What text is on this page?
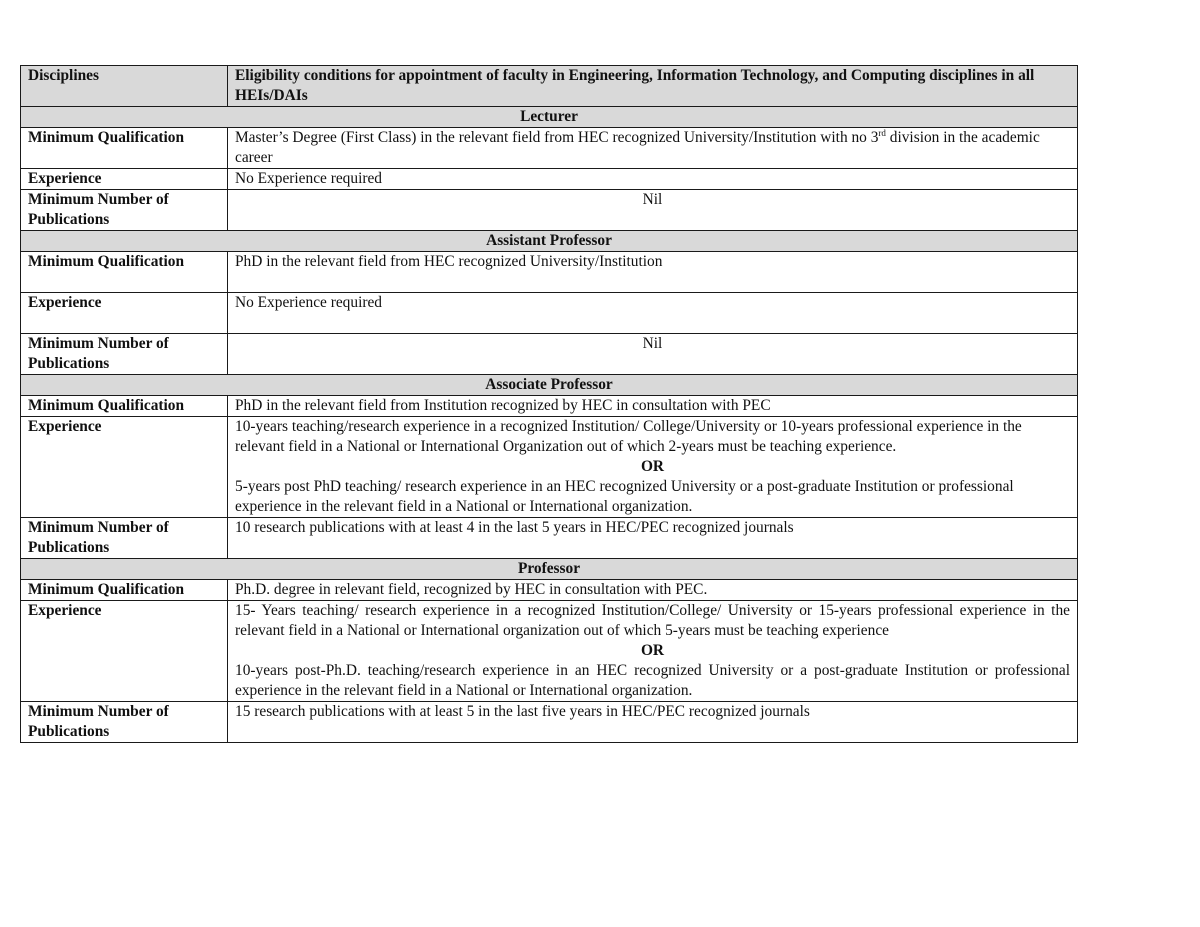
Disciplines	Eligibility conditions for appointment of faculty in Engineering, Information Technology, and Computing disciplines in all HEIs/DAIs
Lecturer	
Minimum Qualification	Master’s Degree (First Class) in the relevant field from HEC recognized University/Institution with no 3rd division in the academic career
Experience	No Experience required
Minimum Number of Publications	Nil
Assistant Professor	
Minimum Qualification	PhD in the relevant field from HEC recognized University/Institution
Experience	No Experience required
Minimum Number of Publications	Nil
Associate Professor	
Minimum Qualification	PhD in the relevant field from Institution recognized by HEC in consultation with PEC
Experience	10-years teaching/research experience in a recognized Institution/ College/University or 10-years professional experience in the relevant field in a National or International Organization out of which 2-years must be teaching experience.
OR
5-years post PhD teaching/ research experience in an HEC recognized University or a post-graduate Institution or professional experience in the relevant field in a National or International organization.

Minimum Number of Publications	10 research publications with at least 4 in the last 5 years in HEC/PEC recognized journals
Professor	
Minimum Qualification	Ph.D. degree in relevant field, recognized by HEC in consultation with PEC.
Experience	15- Years teaching/ research experience in a recognized Institution/College/ University or 15-years professional experience in the relevant field in a National or International organization out of which 5-years must be teaching experience
OR
10-years post-Ph.D. teaching/research experience in an HEC recognized University or a post-graduate Institution or professional experience in the relevant field in a National or International organization.

Minimum Number of Publications	15 research publications with at least 5 in the last five years in HEC/PEC recognized journals
